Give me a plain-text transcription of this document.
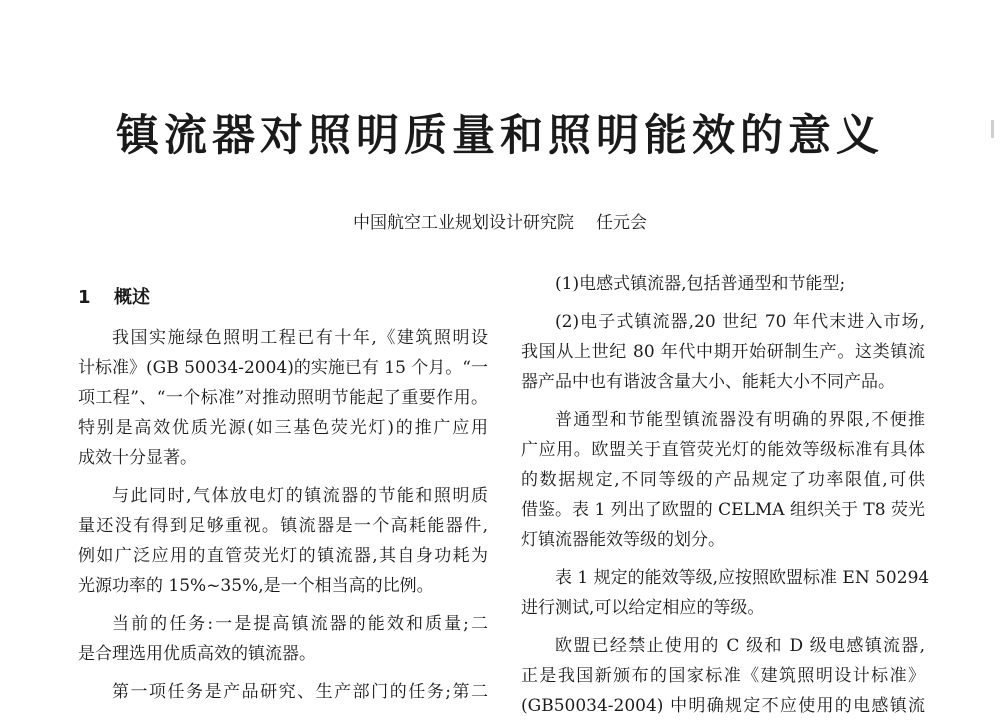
镇流器对照明质量和照明能效的意义
中国航空工业规划设计研究院 任元会
1 概述
我国实施绿色照明工程已有十年,《建筑照明设
计标准》(GB 50034-2004)的实施已有 15 个月。“一
项工程”、“一个标准”对推动照明节能起了重要作用。
特别是高效优质光源(如三基色荧光灯)的推广应用
成效十分显著。
与此同时,气体放电灯的镇流器的节能和照明质
量还没有得到足够重视。镇流器是一个高耗能器件,
例如广泛应用的直管荧光灯的镇流器,其自身功耗为
光源功率的 15%~35%,是一个相当高的比例。
当前的任务:一是提高镇流器的能效和质量;二
是合理选用优质高效的镇流器。
第一项任务是产品研究、生产部门的任务;第二
(1)电感式镇流器,包括普通型和节能型;
(2)电子式镇流器,20 世纪 70 年代末进入市场,
我国从上世纪 80 年代中期开始研制生产。这类镇流
器产品中也有谐波含量大小、能耗大小不同产品。
普通型和节能型镇流器没有明确的界限,不便推
广应用。欧盟关于直管荧光灯的能效等级标准有具体
的数据规定,不同等级的产品规定了功率限值,可供
借鉴。表 1 列出了欧盟的 CELMA 组织关于 T8 荧光
灯镇流器能效等级的划分。
表 1 规定的能效等级,应按照欧盟标准 EN 50294
进行测试,可以给定相应的等级。
欧盟已经禁止使用的 C 级和 D 级电感镇流器,
正是我国新颁布的国家标准《建筑照明设计标准》
(GB50034-2004) 中明确规定不应使用的电感镇流
